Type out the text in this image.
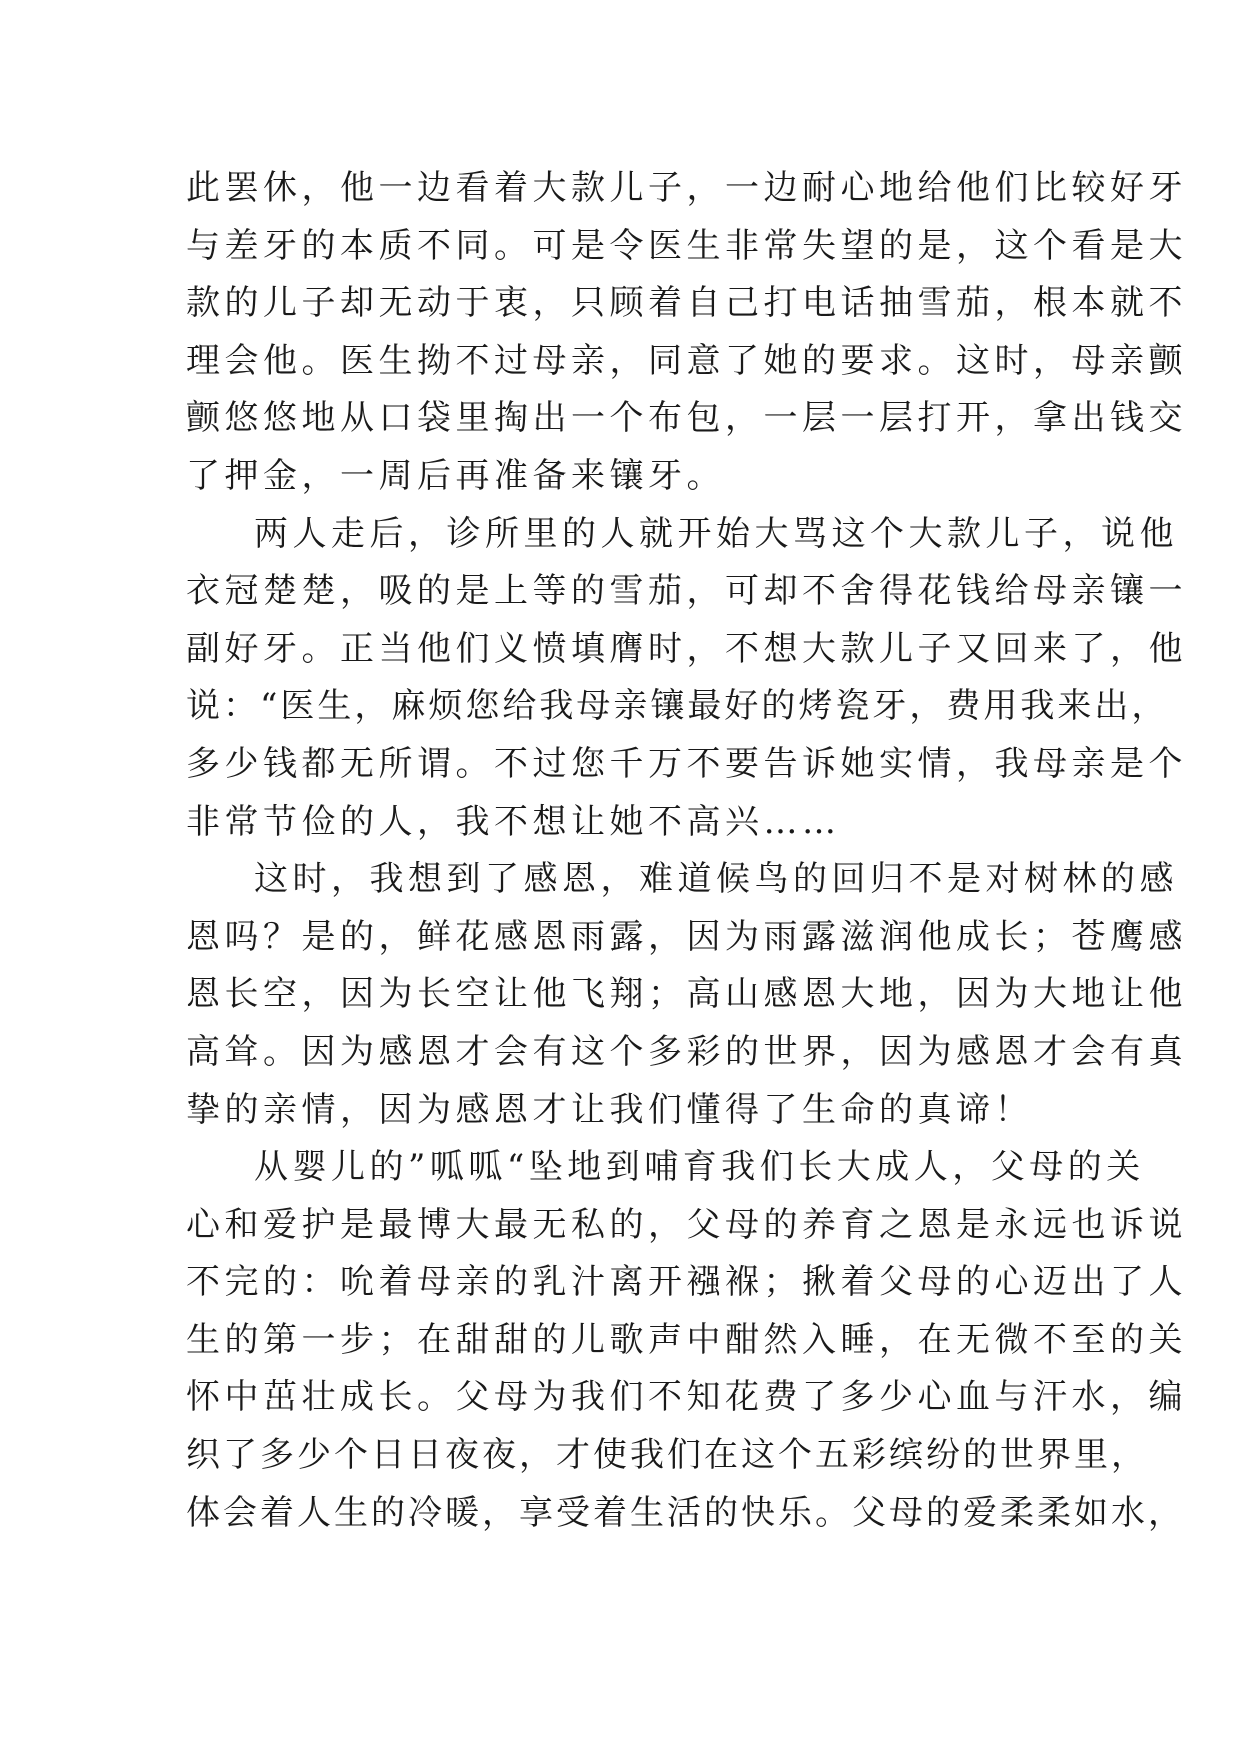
此罢休，他一边看着大款儿子，一边耐心地给他们比较好牙
与差牙的本质不同。可是令医生非常失望的是，这个看是大
款的儿子却无动于衷，只顾着自己打电话抽雪茄，根本就不
理会他。医生拗不过母亲，同意了她的要求。这时，母亲颤
颤悠悠地从口袋里掏出一个布包，一层一层打开，拿出钱交
了押金，一周后再准备来镶牙。
两人走后，诊所里的人就开始大骂这个大款儿子，说他
衣冠楚楚，吸的是上等的雪茄，可却不舍得花钱给母亲镶一
副好牙。正当他们义愤填膺时，不想大款儿子又回来了，他
说：“医生，麻烦您给我母亲镶最好的烤瓷牙，费用我来出，
多少钱都无所谓。不过您千万不要告诉她实情，我母亲是个
非常节俭的人，我不想让她不高兴……
这时，我想到了感恩，难道候鸟的回归不是对树林的感
恩吗？是的，鲜花感恩雨露，因为雨露滋润他成长；苍鹰感
恩长空，因为长空让他飞翔；高山感恩大地，因为大地让他
高耸。因为感恩才会有这个多彩的世界，因为感恩才会有真
挚的亲情，因为感恩才让我们懂得了生命的真谛！
从婴儿的”呱呱“坠地到哺育我们长大成人，父母的关
心和爱护是最博大最无私的，父母的养育之恩是永远也诉说
不完的：吮着母亲的乳汁离开襁褓；揪着父母的心迈出了人
生的第一步；在甜甜的儿歌声中酣然入睡，在无微不至的关
怀中茁壮成长。父母为我们不知花费了多少心血与汗水，编
织了多少个日日夜夜，才使我们在这个五彩缤纷的世界里，
体会着人生的冷暖，享受着生活的快乐。父母的爱柔柔如水，
